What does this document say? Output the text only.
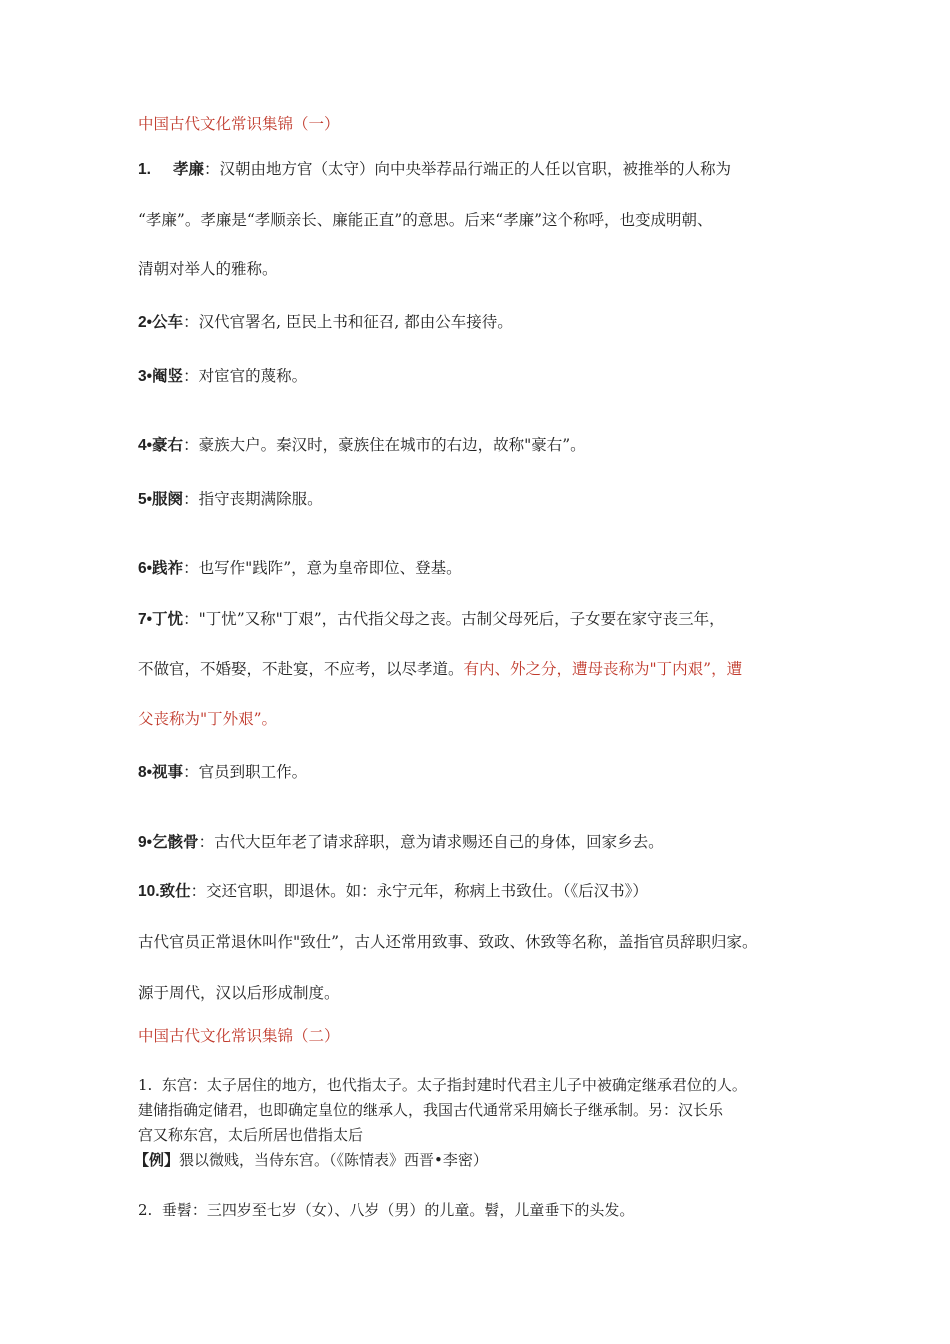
中国古代文化常识集锦（一）
1. 孝廉：汉朝由地方官（太守）向中央举荐品行端正的人任以官职，被推举的人称为
“孝廉”。孝廉是“孝顺亲长、廉能正直”的意思。后来“孝廉”这个称呼，也变成明朝、
清朝对举人的雅称。
2•公车：汉代官署名, 臣民上书和征召, 都由公车接待。
3•阉竖：对宦官的蔑称。
4•豪右：豪族大户。秦汉时，豪族住在城市的右边，故称"豪右”。
5•服阕：指守丧期满除服。
6•践祚：也写作"践阼”，意为皇帝即位、登基。
7•丁忧："丁忧”又称"丁艰”，古代指父母之丧。古制父母死后，子女要在家守丧三年，
不做官，不婚娶，不赴宴，不应考，以尽孝道。有内、外之分，遭母丧称为"丁内艰”，遭
父丧称为"丁外艰”。
8•视事：官员到职工作。
9•乞骸骨：古代大臣年老了请求辞职，意为请求赐还自己的身体，回家乡去。
10.致仕：交还官职，即退休。如：永宁元年，称病上书致仕。（《后汉书》）
古代官员正常退休叫作"致仕”，古人还常用致事、致政、休致等名称，盖指官员辞职归家。
源于周代，汉以后形成制度。
中国古代文化常识集锦（二）
1. 东宫：太子居住的地方，也代指太子。太子指封建时代君主儿子中被确定继承君位的人。
建储指确定储君，也即确定皇位的继承人，我国古代通常采用嫡长子继承制。另：汉长乐
宫又称东宫，太后所居也借指太后
【例】猥以微贱，当侍东宫。（《陈情表》西晋•李密）
2. 垂髫：三四岁至七岁（女）、八岁（男）的儿童。髫，儿童垂下的头发。
